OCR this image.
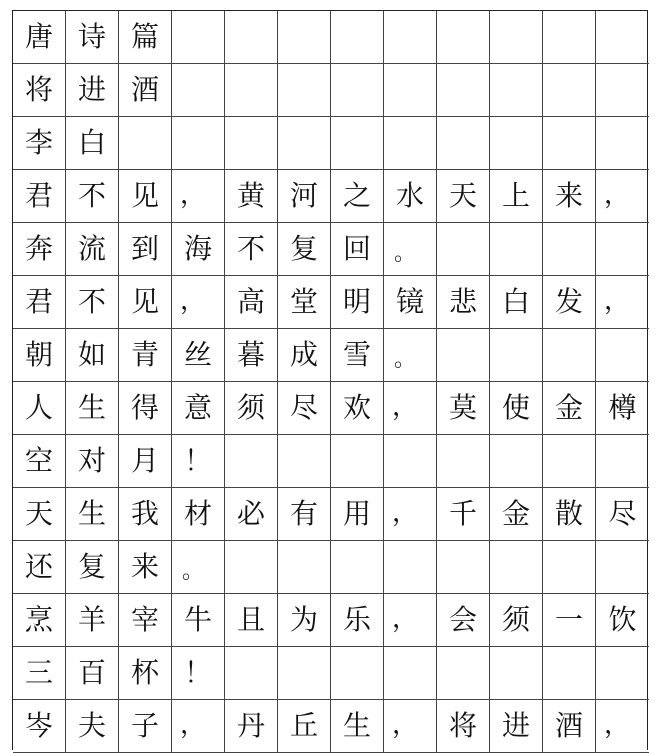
唐 诗 篇
将 进 酒
李 白
君 不 见 ，	黄 河 之 水 天 上 来 ，
奔 流 到 海 不 复 回	。
君 不 见 ，	高 堂 明 镜 悲 白 发 ，
朝 如 青 丝 暮 成 雪	。
人 生 得 意 须 尽 欢 ，	莫 使 金 樽
空 对 月 ！
天 生 我 材 必 有 用 ，	千 金 散 尽
还 复 来	。
烹 羊 宰 牛 且 为 乐 ，	会 须 一 饮
三 百 杯 ！
岑 夫 子 ，	丹 丘 生 ，	将 进 酒 ，
